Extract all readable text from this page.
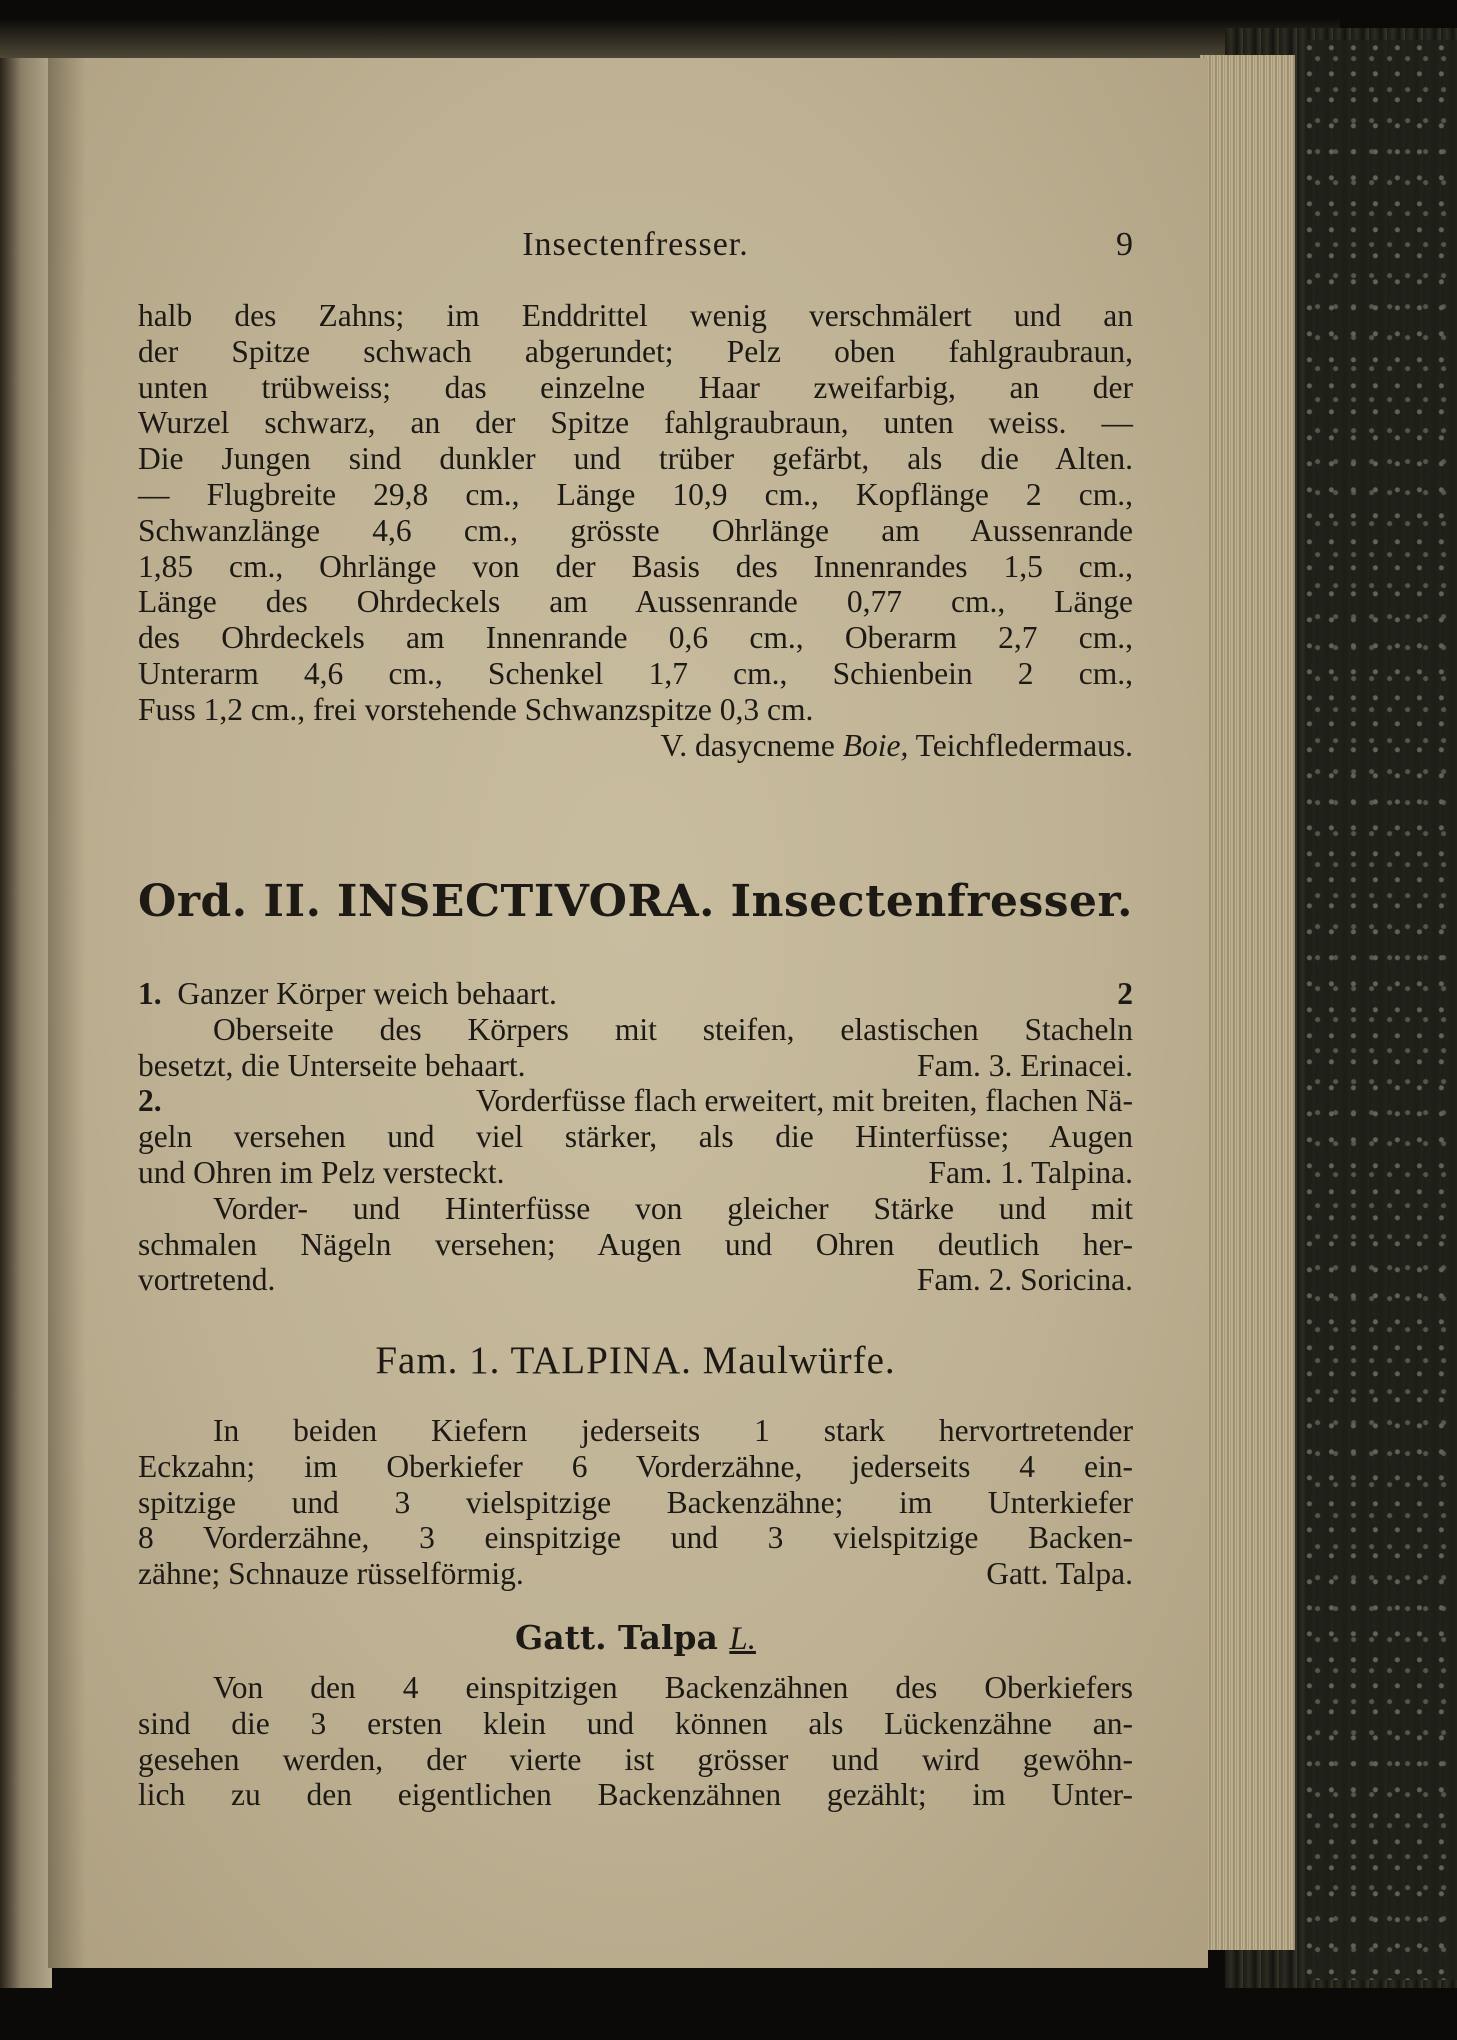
Insectenfresser.	9
halb des Zahns; im Enddrittel wenig verschmälert und an
der Spitze schwach abgerundet; Pelz oben fahlgraubraun,
unten trübweiss; das einzelne Haar zweifarbig, an der
Wurzel schwarz, an der Spitze fahlgraubraun, unten weiss. —
Die Jungen sind dunkler und trüber gefärbt, als die Alten.
— Flugbreite 29,8 cm., Länge 10,9 cm., Kopflänge 2 cm.,
Schwanzlänge 4,6 cm., grösste Ohrlänge am Aussenrande
1,85 cm., Ohrlänge von der Basis des Innenrandes 1,5 cm.,
Länge des Ohrdeckels am Aussenrande 0,77 cm., Länge
des Ohrdeckels am Innenrande 0,6 cm., Oberarm 2,7 cm.,
Unterarm 4,6 cm., Schenkel 1,7 cm., Schienbein 2 cm.,
Fuss 1,2 cm., frei vorstehende Schwanzspitze 0,3 cm.
V. dasycneme Boie, Teichfledermaus.
Ord. II. INSECTIVORA. Insectenfresser.
1. Ganzer Körper weich behaart.	2
Oberseite des Körpers mit steifen, elastischen Stacheln
besetzt, die Unterseite behaart.	Fam. 3. Erinacei.
2.	Vorderfüsse flach erweitert, mit breiten, flachen Nä-
geln versehen und viel stärker, als die Hinterfüsse; Augen
und Ohren im Pelz versteckt.	Fam. 1. Talpina.
Vorder- und Hinterfüsse von gleicher Stärke und mit
schmalen Nägeln versehen; Augen und Ohren deutlich her-
vortretend.	Fam. 2. Soricina.
Fam. 1. TALPINA. Maulwürfe.
In beiden Kiefern jederseits 1 stark hervortretender
Eckzahn; im Oberkiefer 6 Vorderzähne, jederseits 4 ein-
spitzige und 3 vielspitzige Backenzähne; im Unterkiefer
8 Vorderzähne, 3 einspitzige und 3 vielspitzige Backen-
zähne; Schnauze rüsselförmig.	Gatt. Talpa.
Gatt. Talpa L.
Von den 4 einspitzigen Backenzähnen des Oberkiefers
sind die 3 ersten klein und können als Lückenzähne an-
gesehen werden, der vierte ist grösser und wird gewöhn-
lich zu den eigentlichen Backenzähnen gezählt; im Unter-
